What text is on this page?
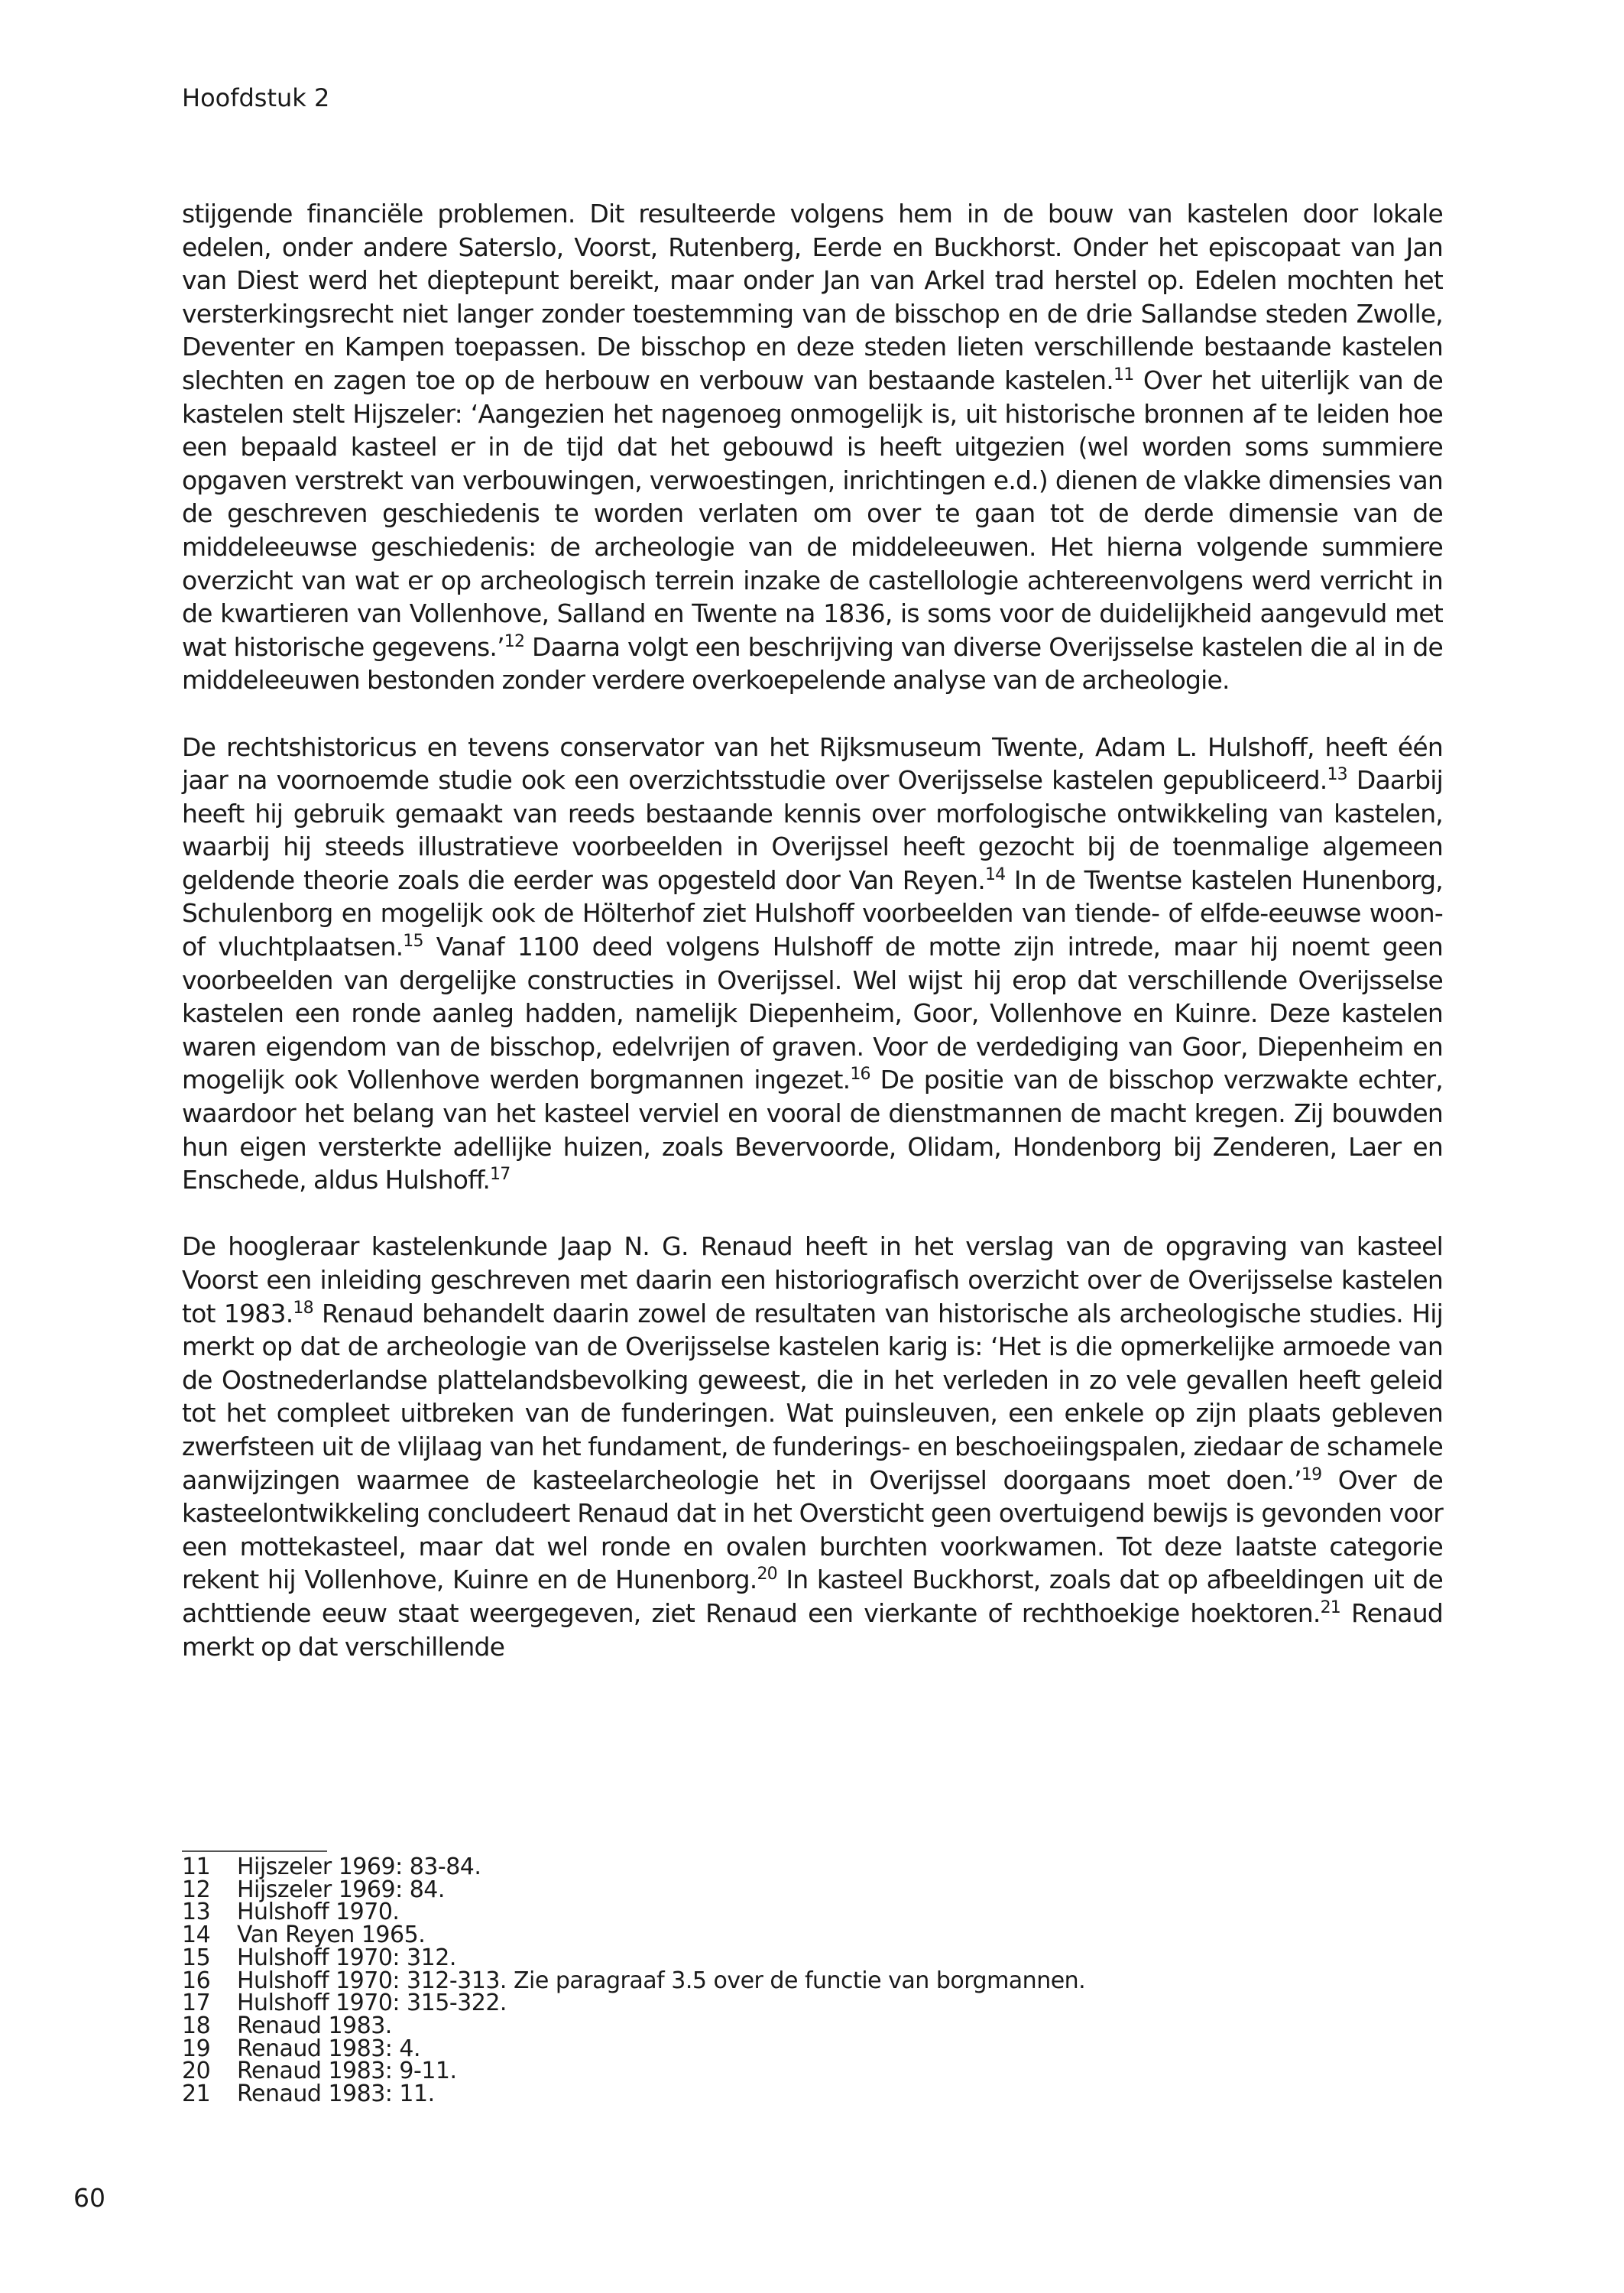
Hoofdstuk 2

stijgende financiële problemen. Dit resulteerde volgens hem in de bouw van kastelen door lokale edelen, onder andere Saterslo, Voorst, Rutenberg, Eerde en Buckhorst. Onder het episcopaat van Jan van Diest werd het dieptepunt bereikt, maar onder Jan van Arkel trad herstel op. Edelen mochten het versterkingsrecht niet langer zonder toestemming van de bisschop en de drie Sallandse steden Zwolle, Deventer en Kampen toepassen. De bisschop en deze steden lieten verschillende bestaande kastelen slechten en zagen toe op de herbouw en verbouw van bestaande kastelen.$^{11}$ Over het uiterlijk van de kastelen stelt Hijszeler: ‘Aangezien het nagenoeg onmogelijk is, uit historische bronnen af te leiden hoe een bepaald kasteel er in de tijd dat het gebouwd is heeft uitgezien (wel worden soms summiere opgaven verstrekt van verbouwingen, verwoestingen, inrichtingen e.d.) dienen de vlakke dimensies van de geschreven geschiedenis te worden verlaten om over te gaan tot de derde dimensie van de middeleeuwse geschiedenis: de archeologie van de middeleeuwen. Het hierna volgende summiere overzicht van wat er op archeologisch terrein inzake de castellologie achtereenvolgens werd verricht in de kwartieren van Vollenhove, Salland en Twente na 1836, is soms voor de duidelijkheid aangevuld met wat historische gegevens.’$^{12}$ Daarna volgt een beschrijving van diverse Overijsselse kastelen die al in de middeleeuwen bestonden zonder verdere overkoepelende analyse van de archeologie.

De rechtshistoricus en tevens conservator van het Rijksmuseum Twente, Adam L. Hulshoff, heeft één jaar na voornoemde studie ook een overzichtsstudie over Overijsselse kastelen gepubliceerd.$^{13}$ Daarbij heeft hij gebruik gemaakt van reeds bestaande kennis over morfologische ontwikkeling van kastelen, waarbij hij steeds illustratieve voorbeelden in Overijssel heeft gezocht bij de toenmalige algemeen geldende theorie zoals die eerder was opgesteld door Van Reyen.$^{14}$ In de Twentse kastelen Hunenborg, Schulenborg en mogelijk ook de Hölterhof ziet Hulshoff voorbeelden van tiende- of elfde-eeuwse woon- of vluchtplaatsen.$^{15}$ Vanaf 1100 deed volgens Hulshoff de motte zijn intrede, maar hij noemt geen voorbeelden van dergelijke constructies in Overijssel. Wel wijst hij erop dat verschillende Overijsselse kastelen een ronde aanleg hadden, namelijk Diepenheim, Goor, Vollenhove en Kuinre. Deze kastelen waren eigendom van de bisschop, edelvrijen of graven. Voor de verdediging van Goor, Diepenheim en mogelijk ook Vollenhove werden borgmannen ingezet.$^{16}$ De positie van de bisschop verzwakte echter, waardoor het belang van het kasteel verviel en vooral de dienstmannen de macht kregen. Zij bouwden hun eigen versterkte adellijke huizen, zoals Bevervoorde, Olidam, Hondenborg bij Zenderen, Laer en Enschede, aldus Hulshoff.$^{17}$

De hoogleraar kastelenkunde Jaap N. G. Renaud heeft in het verslag van de opgraving van kasteel Voorst een inleiding geschreven met daarin een historiografisch overzicht over de Overijsselse kastelen tot 1983.18 Renaud behandelt daarin zowel de resultaten van historische als archeologische studies. Hij merkt op dat de archeologie van de Overijsselse kastelen karig is: ‘Het is die opmerkelijke armoede van de Oostnederlandse plattelandsbevolking geweest, die in het verleden in zo vele gevallen heeft geleid tot het compleet uitbreken van de funderingen. Wat puinsleuven, een enkele op zijn plaats gebleven zwerfsteen uit de vlijlaag van het fundament, de funderings- en beschoeiingspalen, ziedaar de schamele aanwijzingen waarmee de kasteelarcheologie het in Overijssel doorgaans moet doen.’$^{19}$ Over de kasteelontwikkeling concludeert Renaud dat in het Oversticht geen overtuigend bewijs is gevonden voor een mottekasteel, maar dat wel ronde en ovalen burchten voorkwamen. Tot deze laatste categorie rekent hij Vollenhove, Kuinre en de Hunenborg.$^{20}$ In kasteel Buckhorst, zoals dat op afbeeldingen uit de achttiende eeuw staat weergegeven, ziet Renaud een vierkante of rechthoekige hoektoren.$^{21}$ Renaud merkt op dat verschillende

11	Hijszeler 1969: 83-84.
12	Hijszeler 1969: 84.
13	Hulshoff 1970.
14	Van Reyen 1965.
15	Hulshoff 1970: 312.
16	Hulshoff 1970: 312-313. Zie paragraaf 3.5 over de functie van borgmannen.
17	Hulshoff 1970: 315-322.
18	Renaud 1983.
19	Renaud 1983: 4.
20	Renaud 1983: 9-11.
21	Renaud 1983: 11.
60
